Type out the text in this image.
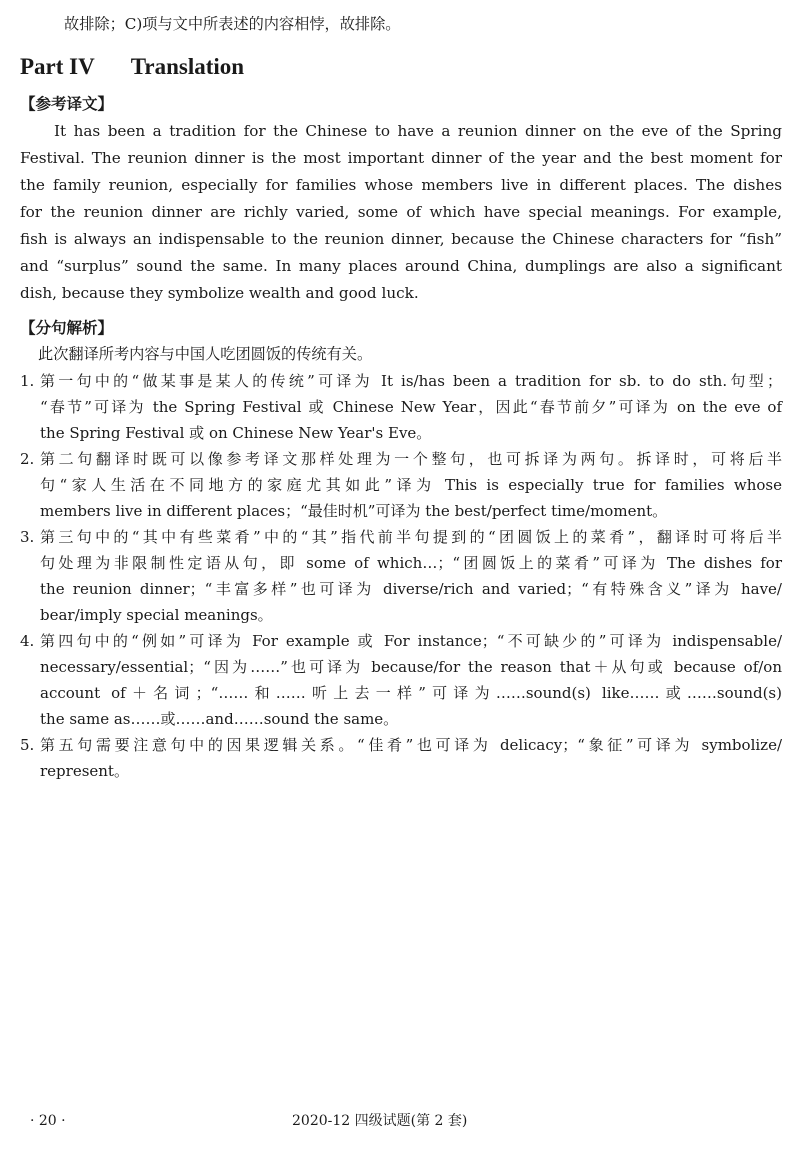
故排除；C)项与文中所表述的内容相悖，故排除。
Part IV Translation
【参考译文】
It has been a tradition for the Chinese to have a reunion dinner on the eve of the Spring
Festival. The reunion dinner is the most important dinner of the year and the best moment for
the family reunion, especially for families whose members live in different places. The dishes
for the reunion dinner are richly varied, some of which have special meanings. For example,
fish is always an indispensable to the reunion dinner, because the Chinese characters for “fish”
and “surplus” sound the same. In many places around China, dumplings are also a significant
dish, because they symbolize wealth and good luck.
【分句解析】
此次翻译所考内容与中国人吃团圆饭的传统有关。
1. 第一句中的“做某事是某人的传统”可译为 It is/has been a tradition for sb. to do sth.句型；
“春节”可译为 the Spring Festival 或 Chinese New Year，因此“春节前夕”可译为 on the eve of
the Spring Festival 或 on Chinese New Year's Eve。
2. 第二句翻译时既可以像参考译文那样处理为一个整句，也可拆译为两句。拆译时，可将后半
句“家人生活在不同地方的家庭尤其如此”译为 This is especially true for families whose
members live in different places；“最佳时机”可译为 the best/perfect time/moment。
3. 第三句中的“其中有些菜肴”中的“其”指代前半句提到的“团圆饭上的菜肴”，翻译时可将后半
句处理为非限制性定语从句，即 some of which…；“团圆饭上的菜肴”可译为 The dishes for
the reunion dinner；“丰富多样”也可译为 diverse/rich and varied；“有特殊含义”译为 have/
bear/imply special meanings。
4. 第四句中的“例如”可译为 For example 或 For instance；“不可缺少的”可译为 indispensable/
necessary/essential；“因为……”也可译为 because/for the reason that＋从句或 because of/on
account of＋名词；“……和……听上去一样”可译为……sound(s) like……或……sound(s)
the same as……或……and……sound the same。
5. 第五句需要注意句中的因果逻辑关系。“佳肴”也可译为 delicacy；“象征”可译为 symbolize/
represent。
· 20 ·	2020-12 四级试题(第 2 套)
